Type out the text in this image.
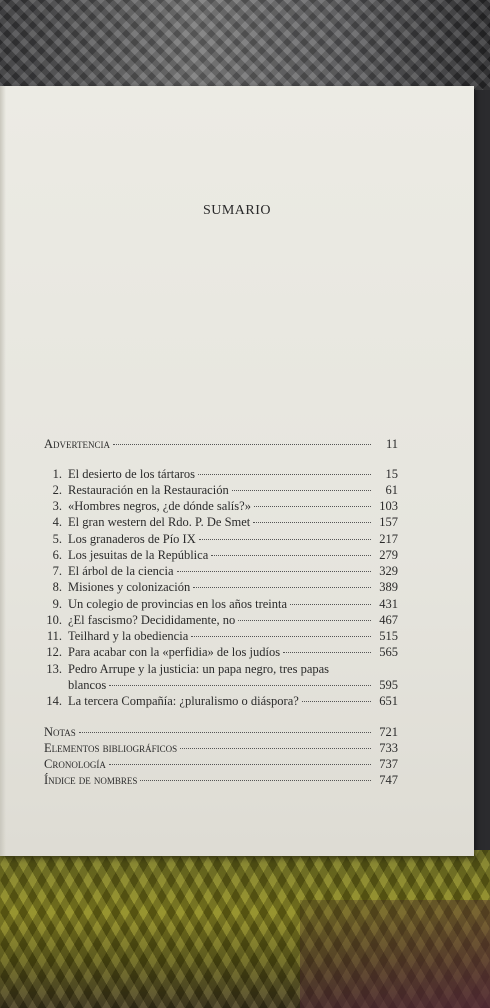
SUMARIO
Advertencia	11
1. El desierto de los tártaros	15
2. Restauración en la Restauración	61
3. «Hombres negros, ¿de dónde salís?»	103
4. El gran western del Rdo. P. De Smet	157
5. Los granaderos de Pío IX	217
6. Los jesuitas de la República	279
7. El árbol de la ciencia	329
8. Misiones y colonización	389
9. Un colegio de provincias en los años treinta	431
10. ¿El fascismo? Decididamente, no	467
11. Teilhard y la obediencia	515
12. Para acabar con la «perfidia» de los judíos	565
13. Pedro Arrupe y la justicia: un papa negro, tres papas
blancos	595
14. La tercera Compañía: ¿pluralismo o diáspora?	651
Notas	721
Elementos bibliográficos	733
Cronología	737
Índice de nombres	747
